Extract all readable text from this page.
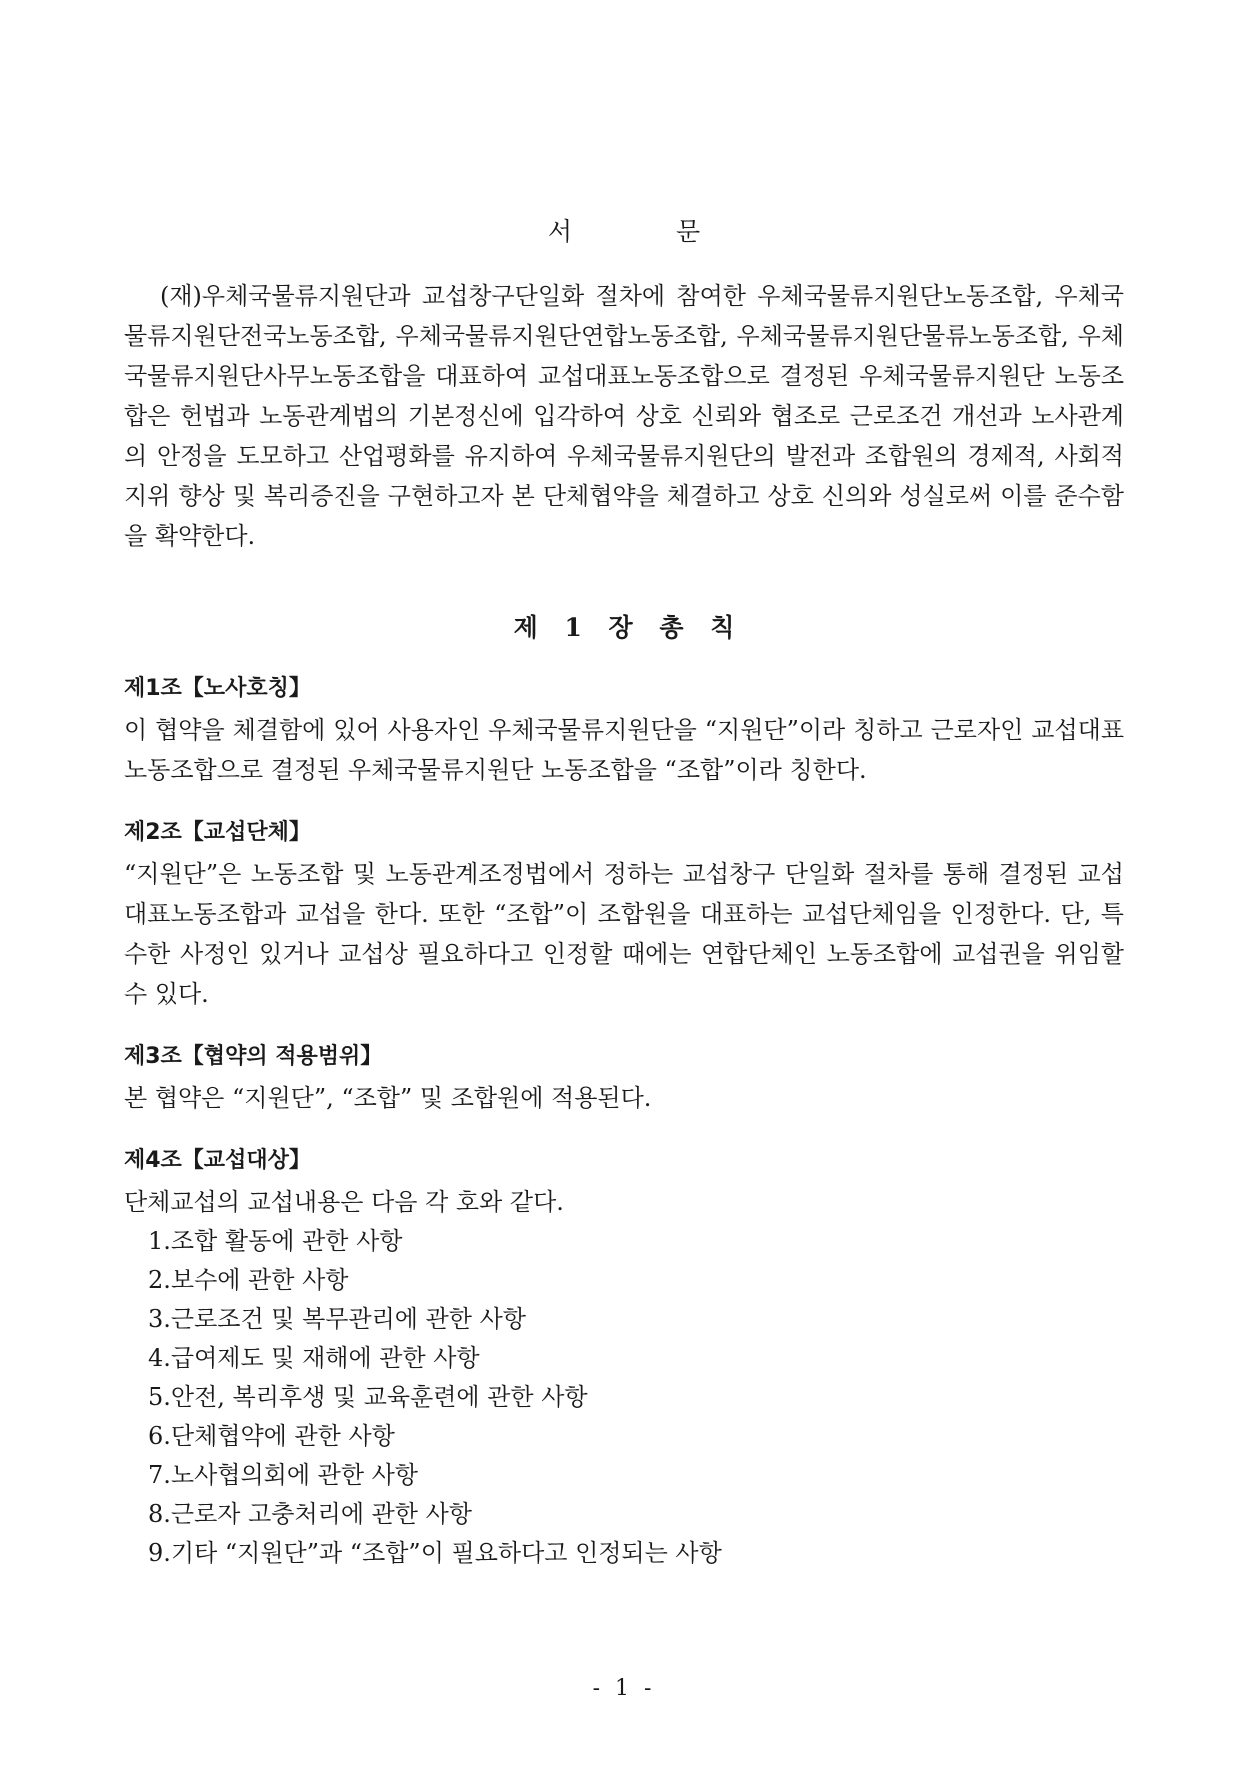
서 문

(재)우체국물류지원단과 교섭창구단일화 절차에 참여한 우체국물류지원단노동조합, 우체국물류지원단전국노동조합, 우체국물류지원단연합노동조합, 우체국물류지원단물류노동조합, 우체국물류지원단사무노동조합을 대표하여 교섭대표노동조합으로 결정된 우체국물류지원단 노동조합은 헌법과 노동관계법의 기본정신에 입각하여 상호 신뢰와 협조로 근로조건 개선과 노사관계의 안정을 도모하고 산업평화를 유지하여 우체국물류지원단의 발전과 조합원의 경제적, 사회적 지위 향상 및 복리증진을 구현하고자 본 단체협약을 체결하고 상호 신의와 성실로써 이를 준수함을 확약한다.

제 1 장 총 칙
제1조【노사호칭】

이 협약을 체결함에 있어 사용자인 우체국물류지원단을 “지원단”이라 칭하고 근로자인 교섭대표노동조합으로 결정된 우체국물류지원단 노동조합을 “조합”이라 칭한다.

제2조【교섭단체】

“지원단”은 노동조합 및 노동관계조정법에서 정하는 교섭창구 단일화 절차를 통해 결정된 교섭대표노동조합과 교섭을 한다. 또한 “조합”이 조합원을 대표하는 교섭단체임을 인정한다. 단, 특수한 사정인 있거나 교섭상 필요하다고 인정할 때에는 연합단체인 노동조합에 교섭권을 위임할 수 있다.

제3조【협약의 적용범위】

본 협약은 “지원단”, “조합” 및 조합원에 적용된다.

제4조【교섭대상】

단체교섭의 교섭내용은 다음 각 호와 같다.

1.조합 활동에 관한 사항
2.보수에 관한 사항
3.근로조건 및 복무관리에 관한 사항
4.급여제도 및 재해에 관한 사항
5.안전, 복리후생 및 교육훈련에 관한 사항
6.단체협약에 관한 사항
7.노사협의회에 관한 사항
8.근로자 고충처리에 관한 사항
9.기타 “지원단”과 “조합”이 필요하다고 인정되는 사항
- 1 -
